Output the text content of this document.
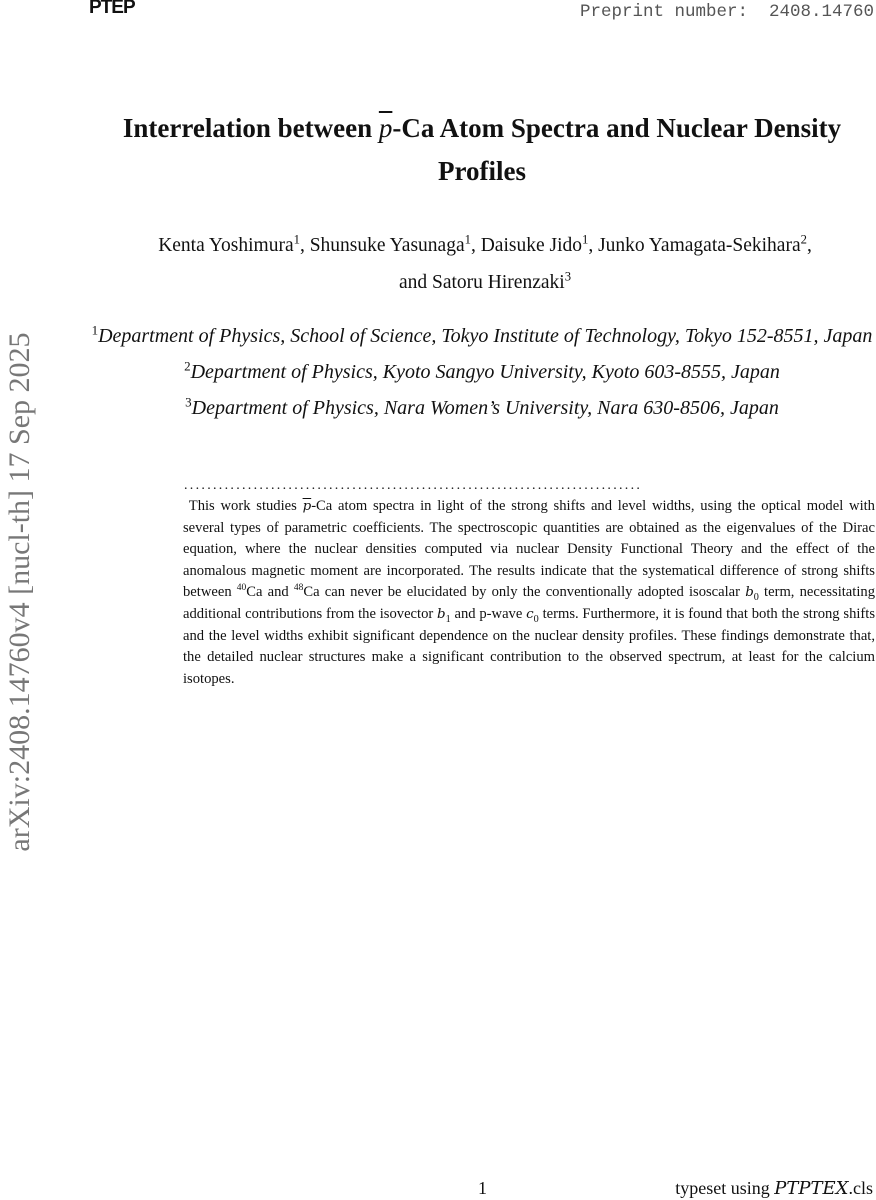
PTEP	Preprint number:  2408.14760
arXiv:2408.14760v4 [nucl-th] 17 Sep 2025
Interrelation between $\overline{p}-Ca$ Atom Spectra and Nuclear Density Profiles
Kenta Yoshimura$^1$, Shunsuke Yasunaga$^1$, Daisuke Jido$^1$, Junko Yamagata-Sekihara$^2$, and Satoru Hirenzaki$^3$
$^1$Department of Physics, School of Science, Tokyo Institute of Technology, Tokyo 152-8551, Japan
$^2$Department of Physics, Kyoto Sangyo University, Kyoto 603-8555, Japan
$^3$Department of Physics, Nara Women’s University, Nara 630-8506, Japan
...............................................................................
This work studies $\overline{p}-Ca$ atom spectra in light of the strong shifts and level widths, using the optical model with several types of parametric coefficients. The spectroscopic quantities are obtained as the eigenvalues of the Dirac equation, where the nuclear densities computed via nuclear Density Functional Theory and the effect of the anomalous magnetic moment are incorporated. The results indicate that the systematical difference of strong shifts between $^{40}$Ca and $^{48}$Ca can never be elucidated by only the conventionally adopted isoscalar $b_0$ term, necessitating additional contributions from the isovector $b_1$ and p-wave $c_0$ terms. Furthermore, it is found that both the strong shifts and the level widths exhibit significant dependence on the nuclear density profiles. These findings demonstrate that, the detailed nuclear structures make a significant contribution to the observed spectrum, at least for the calcium isotopes.
1	typeset using PTPTEX.cls
